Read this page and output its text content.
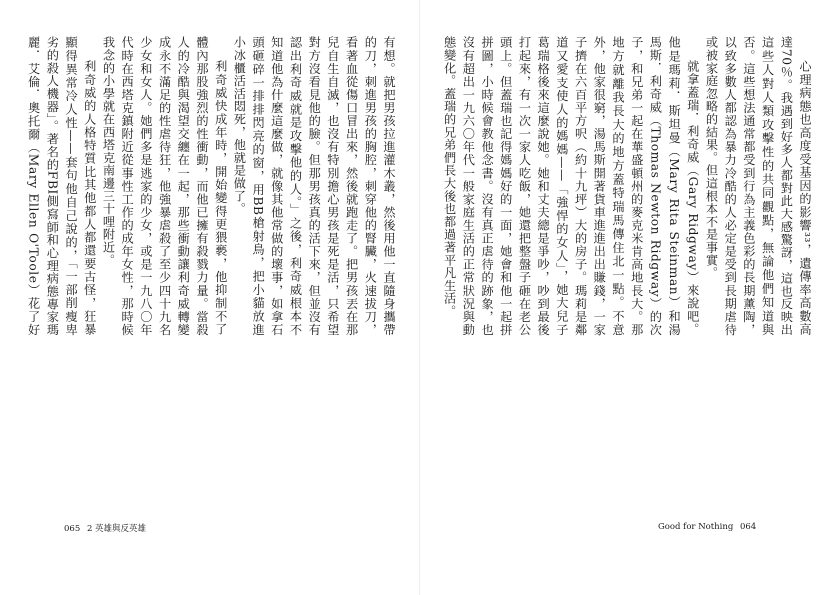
有想。就把男孩拉進灌木叢，然後用他一直隨身攜帶的刀，刺進男孩的胸腔，刺穿他的腎臟，火速拔刀，看著血從傷口冒出來，然後就跑走了。把男孩丟在那兒自生自滅，也沒有特別擔心男孩是死是活，只希望對方沒看見他的臉。但那男孩真的活下來，但並沒有認出利奇威就是攻擊他的人。」之後，利奇威根本不知道他為什麼這麼做，就像其他常做的壞事，如拿石頭砸碎一排排閃亮的窗，用BB槍射鳥，把小貓放進小冰櫃活活悶死，他就是做了。

利奇威快成年時，開始變得更猥褻，他抑制不了體內那股強烈的性衝動，而他已擁有殺戮力量。當殺人的冷酷與渴望交纏在一起，那些衝動讓利奇威轉變成永不滿足的性虐待狂，他強暴虐殺了至少四十九名少女和女人。她們多是逃家的少女，或是一九八〇年代時在西塔克鎮附近從事性工作的成年女性，那時候我念的小學就在西塔克南邊三十哩附近。

利奇威的人格特質比其他都人都還要古怪，狂暴顯得異常冷人性——套句他自己說的，「一部削瘦卑劣的殺人機器」。著名的FBI側寫師和心理病態專家瑪麗．艾倫．奧托爾（Mary Ellen O'Toole）花了好

065 2 英雄與反英雄

心理病態也高度受基因的影響³³，遺傳率高數高達70％。我遇到好多人都對此大感驚訝，這也反映出這些人對人類攻擊性的共同觀點，無論他們知道與否。這些想法通常都受到行為主義色彩的長期薰陶，以致多數人都認為暴力冷酷的人必定是受到長期虐待或被家庭忽略的結果。但這根本不是事實。

就拿蓋瑞．利奇威（Gary Ridgway）來說吧。他是瑪莉．斯坦曼（Mary Rita Steinman）和湯馬斯．利奇威（Thomas Newton Ridgway）的次子，和兄弟一起在華盛頓州的麥克米肯高地長大。那地方就離我長大的地方蓋特瑞馬傳住北一點。不意外，他家很窮，湯馬斯開著貨車進進出出賺錢，一家子擠在六百平方呎（約十九坪）大的房子。瑪莉是鄰道又愛支使人的媽媽——「強悍的女人」，她大兒子葛瑞格後來這麼說她。她和丈夫總是爭吵，吵到最後打起來，有一次一家人吃飯，她還把整盤子砸在老公頭上。但蓋瑞也記得媽媽好的一面，她會和他一起拼拼圖，小時候會教他念書。沒有真正虐待的跡象，也沒有超出一九六〇年代一般家庭生活的正常狀況與動態變化。蓋瑞的兄弟們長大後也都過著平凡生活。

Good for Nothing 064
